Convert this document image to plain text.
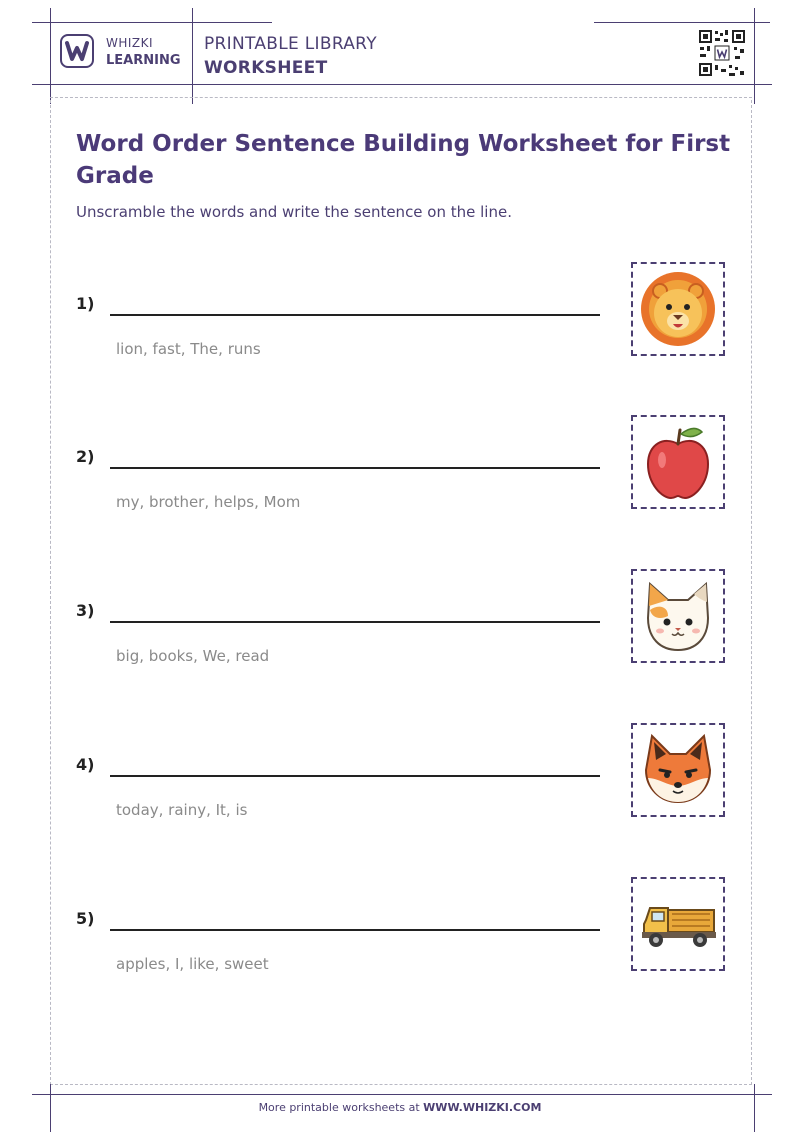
WHIZKI
LEARNING
PRINTABLE LIBRARY
WORKSHEET
Word Order Sentence Building Worksheet for First Grade
Unscramble the words and write the sentence on the line.
1)
lion, fast, The, runs
2)
my, brother, helps, Mom
3)
big, books, We, read
4)
today, rainy, It, is
5)
apples, I, like, sweet
More printable worksheets at WWW.WHIZKI.COM
